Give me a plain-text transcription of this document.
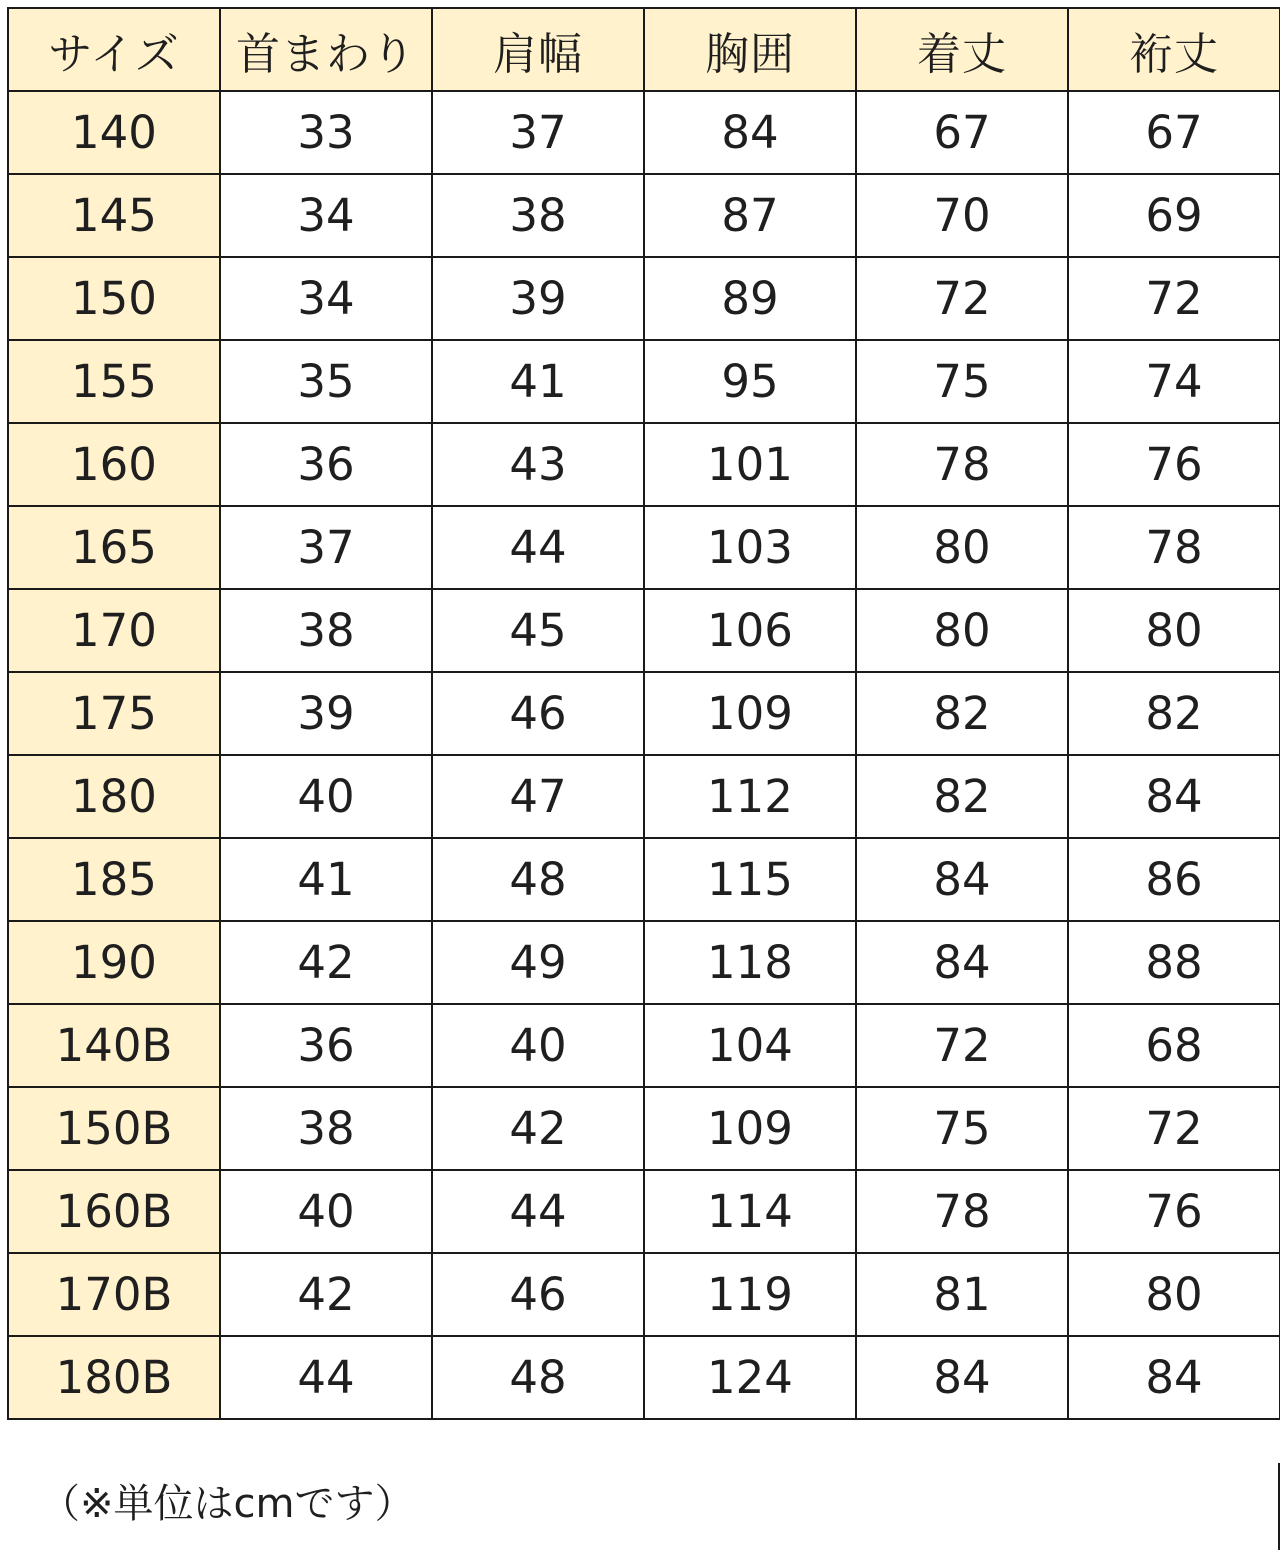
サイズ	首まわり	肩幅	胸囲	着丈	裄丈
140	33	37	84	67	67
145	34	38	87	70	69
150	34	39	89	72	72
155	35	41	95	75	74
160	36	43	101	78	76
165	37	44	103	80	78
170	38	45	106	80	80
175	39	46	109	82	82
180	40	47	112	82	84
185	41	48	115	84	86
190	42	49	118	84	88
140B	36	40	104	72	68
150B	38	42	109	75	72
160B	40	44	114	78	76
170B	42	46	119	81	80
180B	44	48	124	84	84
（※単位はcmです）
